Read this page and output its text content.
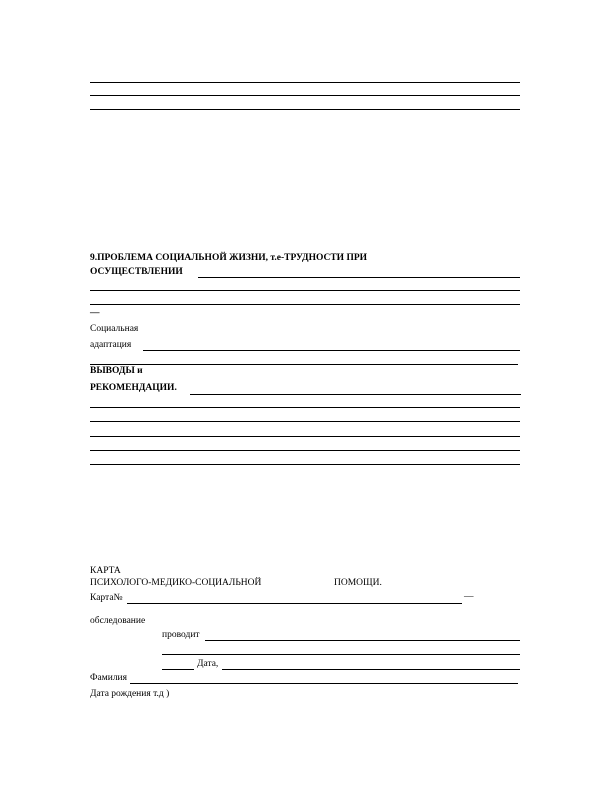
9.ПРОБЛЕМА СОЦИАЛЬНОЙ ЖИЗНИ, т.е-ТРУДНОСТИ ПРИ
ОСУЩЕСТВЛЕНИИ
—
Социальная
адаптация
ВЫВОДЫ и
РЕКОМЕНДАЦИИ.
КАРТА
ПСИХОЛОГО-МЕДИКО-СОЦИАЛЬНОЙ	ПОМОЩИ.
Карта№	—
обследование
проводит
Дата,
Фамилия
Дата рождения т.д )
